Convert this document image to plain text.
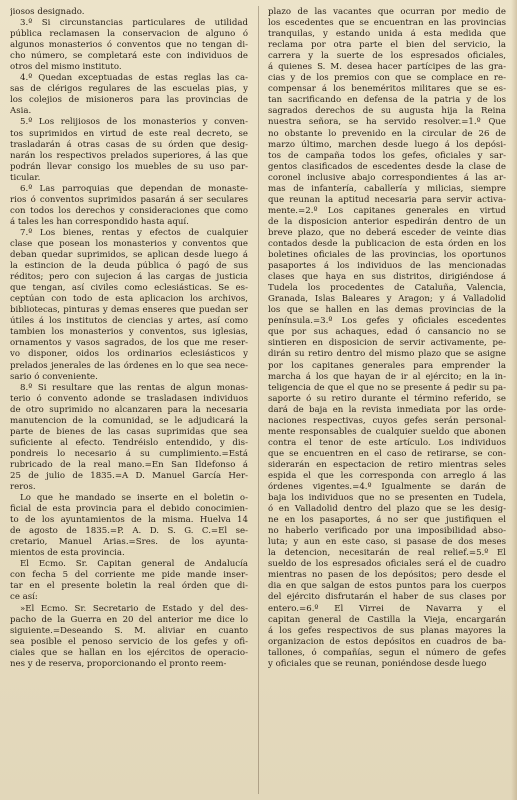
jiosos designado.
3.º Si circunstancias particulares de utilidad
pública reclamasen la conservacion de alguno ó
algunos monasterios ó conventos que no tengan di-
cho número, se completará este con individuos de
otros del mismo instituto.
4.º Quedan exceptuadas de estas reglas las ca-
sas de clérigos regulares de las escuelas pias, y
los colejios de misioneros para las provincias de
Asia.
5.º Los relijiosos de los monasterios y conven-
tos suprimidos en virtud de este real decreto, se
trasladarán á otras casas de su órden que desig-
narán los respectivos prelados superiores, á las que
podrán llevar consigo los muebles de su uso par-
ticular.
6.º Las parroquias que dependan de monaste-
rios ó conventos suprimidos pasarán á ser seculares
con todos los derechos y consideraciones que como
á tales les han correspondido hasta aquí.
7.º Los bienes, rentas y efectos de cualquier
clase que posean los monasterios y conventos que
deban quedar suprimidos, se aplican desde luego á
la estincion de la deuda pública ó pagó de sus
réditos; pero con sujecion á las cargas de justicia
que tengan, así civiles como eclesiásticas. Se es-
ceptúan con todo de esta aplicacion los archivos,
bibliotecas, pinturas y demas enseres que puedan ser
útiles á los institutos de ciencias y artes, así como
tambien los monasterios y conventos, sus iglesias,
ornamentos y vasos sagrados, de los que me reser-
vo disponer, oidos los ordinarios eclesiásticos y
prelados jenerales de las órdenes en lo que sea nece-
sario ó conveniente.
8.º Si resultare que las rentas de algun monas-
terio ó convento adonde se trasladasen individuos
de otro suprimido no alcanzaren para la necesaria
manutencion de la comunidad, se le adjudicará la
parte de bienes de las casas suprimidas que sea
suficiente al efecto. Tendréislo entendido, y dis-
pondreis lo necesario á su cumplimiento.=Está
rubricado de la real mano.=En San Ildefonso á
25 de julio de 1835.=A D. Manuel García Her-
reros.
Lo que he mandado se inserte en el boletin o-
ficial de esta provincia para el debido conocimien-
to de los ayuntamientos de la misma. Huelva 14
de agosto de 1835.=P. A. D. S. G. C.=El se-
cretario, Manuel Arias.=Sres. de los ayunta-
mientos de esta provincia.
El Ecmo. Sr. Capitan general de Andalucía
con fecha 5 del corriente me pide mande inser-
tar en el presente boletin la real órden que di-
ce así:
»El Ecmo. Sr. Secretario de Estado y del des-
pacho de la Guerra en 20 del anterior me dice lo
siguiente.=Deseando S. M. aliviar en cuanto
sea posible el penoso servicio de los gefes y ofi-
ciales que se hallan en los ejércitos de operacio-
nes y de reserva, proporcionando el pronto reem-
plazo de las vacantes que ocurran por medio de
los escedentes que se encuentran en las provincias
tranquilas, y estando unida á esta medida que
reclama por otra parte el bien del servicio, la
carrera y la suerte de los espresados oficiales,
á quienes S. M. desea hacer partícipes de las gra-
cias y de los premios con que se complace en re-
compensar á los beneméritos militares que se es-
tan sacrificando en defensa de la patria y de los
sagrados derechos de su augusta hija la Reina
nuestra señora, se ha servido resolver.=1.º Que
no obstante lo prevenido en la circular de 26 de
marzo último, marchen desde luego á los depósi-
tos de campaña todos los gefes, oficiales y sar-
gentos clasificados de escedentes desde la clase de
coronel inclusive abajo correspondientes á las ar-
mas de infantería, caballería y milicias, siempre
que reunan la aptitud necesaria para servir activa-
mente.=2.º Los capitanes generales en virtud
de la disposicion anterior espedirán dentro de un
breve plazo, que no deberá esceder de veinte dias
contados desde la publicacion de esta órden en los
boletines oficiales de las provincias, los oportunos
pasaportes á los individuos de las mencionadas
clases que haya en sus distritos, dirigiéndose á
Tudela los procedentes de Cataluña, Valencia,
Granada, Islas Baleares y Aragon; y á Valladolid
los que se hallen en las demas provincias de la
península.=3.º Los gefes y oficiales escedentes
que por sus achaques, edad ó cansancio no se
sintieren en disposicion de servir activamente, pe-
dirán su retiro dentro del mismo plazo que se asigne
por los capitanes generales para emprender la
marcha á los que hayan de ir al ejército; en la in-
teligencia de que el que no se presente á pedir su pa-
saporte ó su retiro durante el término referido, se
dará de baja en la revista inmediata por las orde-
naciones respectivas, cuyos gefes serán personal-
mente responsables de cualquier sueldo que abonen
contra el tenor de este artículo. Los individuos
que se encuentren en el caso de retirarse, se con-
siderarán en espectacion de retiro mientras seles
espida el que les corresponda con arreglo á las
órdenes vigentes.=4.º Igualmente se darán de
baja los individuos que no se presenten en Tudela,
ó en Valladolid dentro del plazo que se les desig-
ne en los pasaportes, á no ser que justifiquen el
no haberlo verificado por una imposibilidad abso-
luta; y aun en este caso, si pasase de dos meses
la detencion, necesitarán de real relief.=5.º El
sueldo de los espresados oficiales será el de cuadro
mientras no pasen de los depósitos; pero desde el
dia en que salgan de estos puntos para los cuerpos
del ejército disfrutarán el haber de sus clases por
entero.=6.º El Virrei de Navarra y el
capitan general de Castilla la Vieja, encargarán
á los gefes respectivos de sus planas mayores la
organizacion de estos depósitos en cuadros de ba-
tallones, ó compañías, segun el número de gefes
y oficiales que se reunan, poniéndose desde luego
